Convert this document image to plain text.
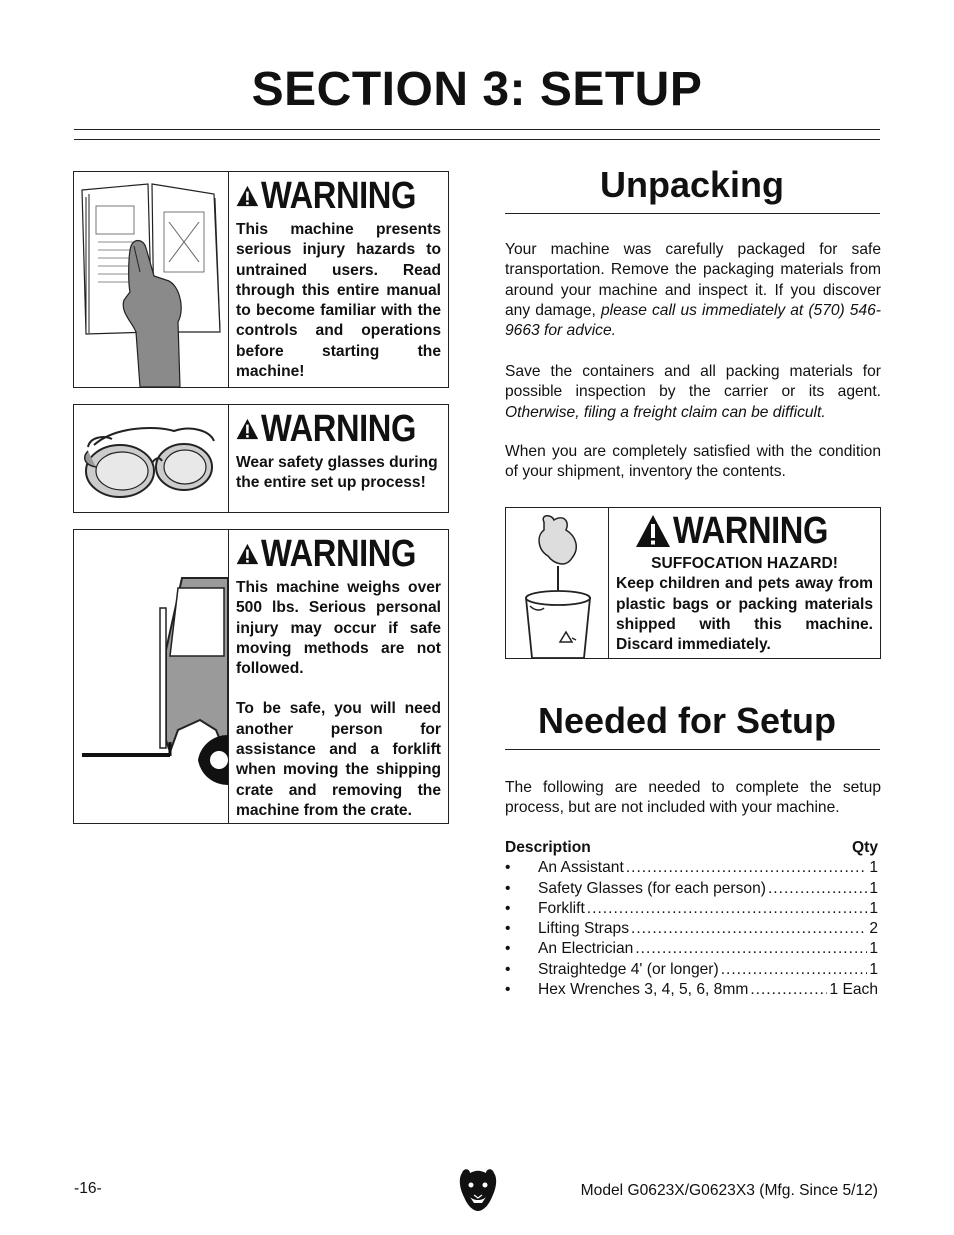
SECTION 3: SETUP
WARNING

This machine presents serious injury hazards to untrained users. Read through this entire manual to become familiar with the controls and operations before starting the machine!

WARNING

Wear safety glasses during the entire set up process!

WARNING

This machine weighs over 500 lbs. Serious personal injury may occur if safe moving methods are not followed.

To be safe, you will need another person for assistance and a forklift when moving the shipping crate and removing the machine from the crate.

Unpacking
Your machine was carefully packaged for safe transportation. Remove the packaging materials from around your machine and inspect it. If you discover any damage, please call us immediately at (570) 546-9663 for advice.
Save the containers and all packing materials for possible inspection by the carrier or its agent. Otherwise, filing a freight claim can be difficult.
When you are completely satisfied with the condition of your shipment, inventory the contents.
WARNING

SUFFOCATION HAZARD!

Keep children and pets away from plastic bags or packing materials shipped with this machine. Discard immediately.

Needed for Setup
The following are needed to complete the setup process, but are not included with your machine.
Description	Qty
•	An Assistant .....	1
•	Safety Glasses (for each person) .....	1
•	Forklift .....	1
•	Lifting Straps .....	2
•	An Electrician .....	1
•	Straightedge 4' (or longer) .....	1
•	Hex Wrenches 3, 4, 5, 6, 8mm .....	1 Each
-16-	Model G0623X/G0623X3 (Mfg. Since 5/12)
